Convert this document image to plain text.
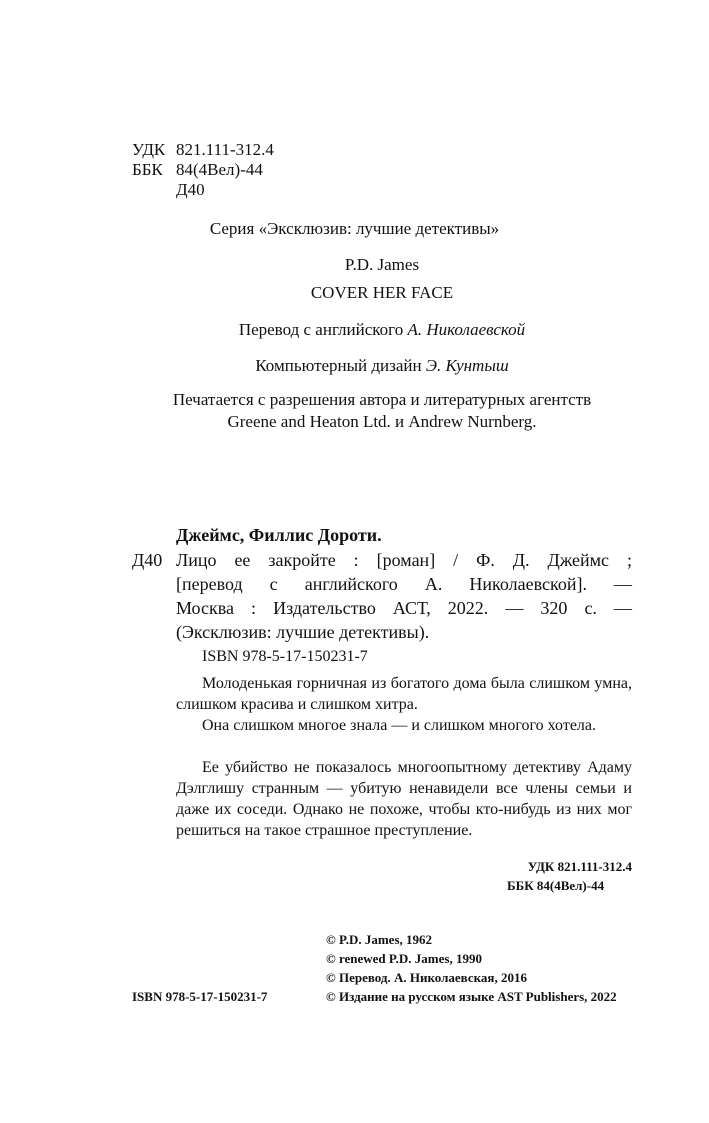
УДК 821.111-312.4
ББК 84(4Вел)-44
Д40
Серия «Эксклюзив: лучшие детективы»
P.D. James
COVER HER FACE
Перевод с английского А. Николаевской
Компьютерный дизайн Э. Кунтыш
Печатается с разрешения автора и литературных агентств
Greene and Heaton Ltd. и Andrew Nurnberg.
Джеймс, Филлис Дороти.
Д40 Лицо ее закройте : [роман] / Ф. Д. Джеймс ;
[перевод с английского А. Николаевской]. —
Москва : Издательство АСТ, 2022. — 320 с. —
(Эксклюзив: лучшие детективы).
ISBN 978-5-17-150231-7
Молоденькая горничная из богатого дома была слишком умна, слишком красива и слишком хитра.
Она слишком многое знала — и слишком многого хотела.
Ее убийство не показалось многоопытному детективу Адаму Дэлглишу странным — убитую ненавидели все члены семьи и даже их соседи. Однако не похоже, чтобы кто-нибудь из них мог решиться на такое страшное преступление.
УДК 821.111-312.4
ББК 84(4Вел)-44
© P.D. James, 1962
© renewed P.D. James, 1990
© Перевод. А. Николаевская, 2016
© Издание на русском языке AST Publishers, 2022
ISBN 978-5-17-150231-7
